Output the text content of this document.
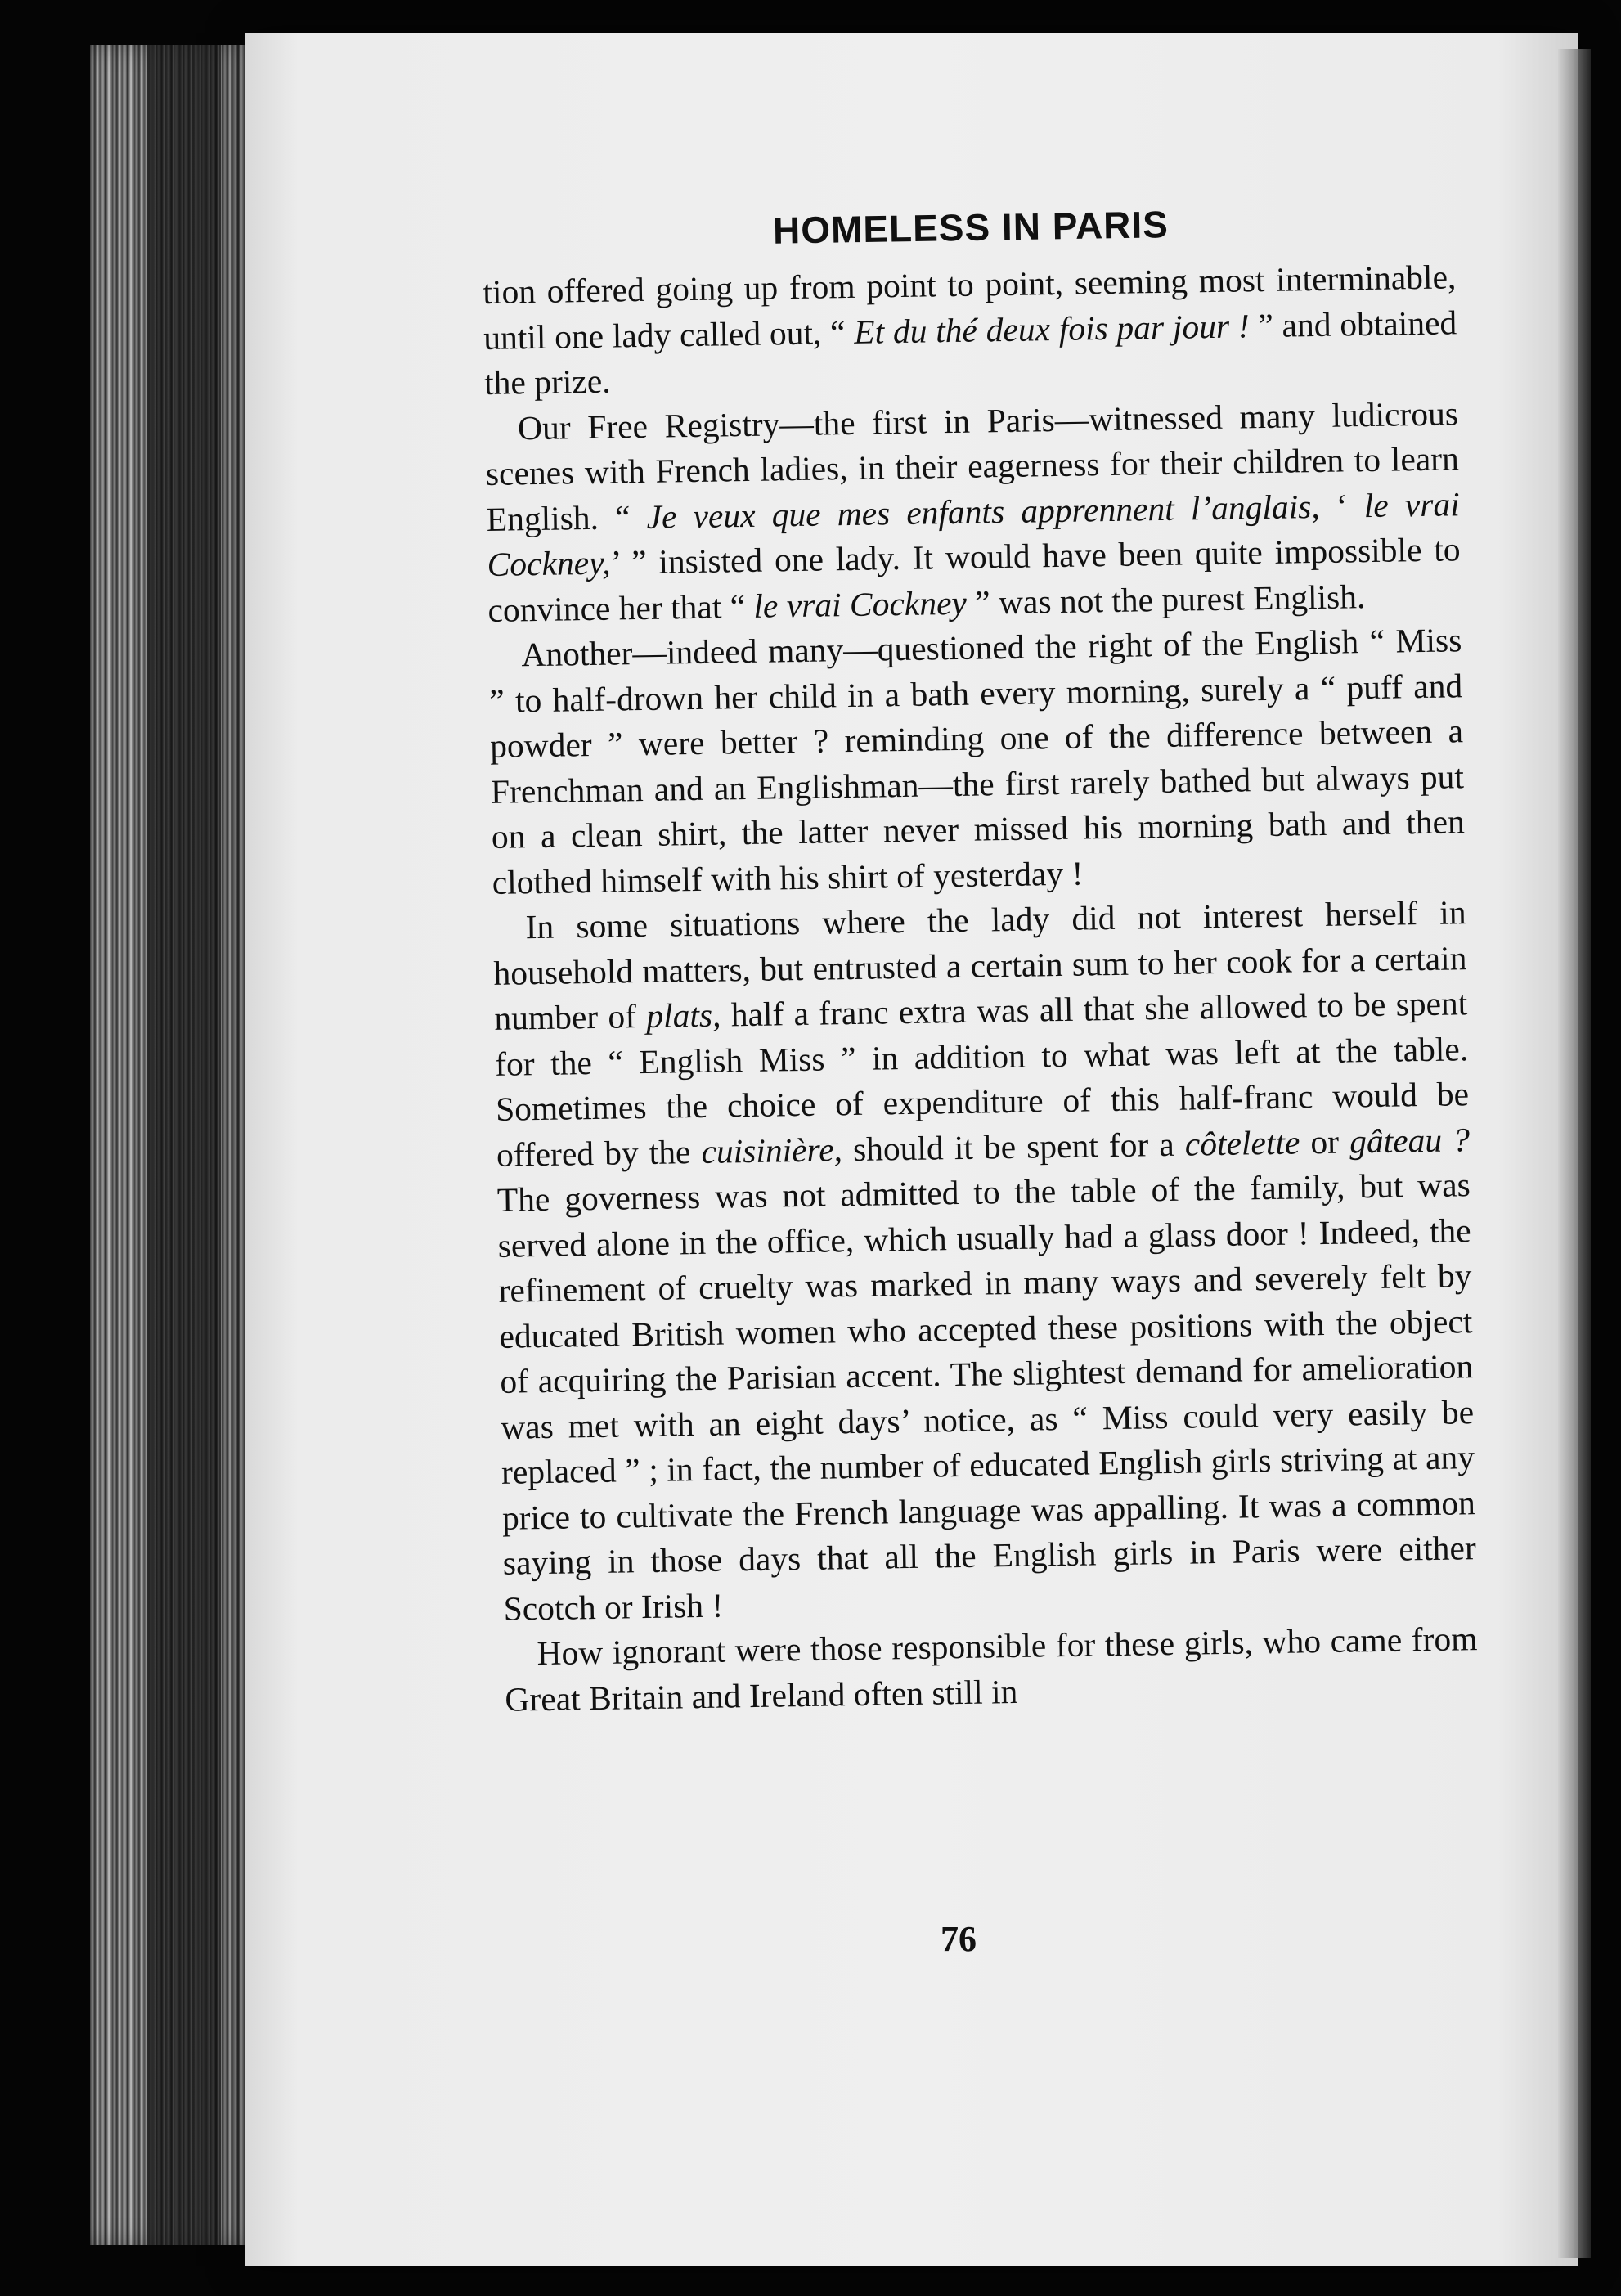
HOMELESS IN PARIS

tion offered going up from point to point, seeming most interminable, until one lady called out, “ Et du thé deux fois par jour ! ” and obtained the prize.

Our Free Registry—the first in Paris—witnessed many ludicrous scenes with French ladies, in their eagerness for their children to learn English. “ Je veux que mes enfants apprennent l’anglais, ‘ le vrai Cockney,’ ” insisted one lady. It would have been quite impossible to convince her that “ le vrai Cockney ” was not the purest English.

Another—indeed many—questioned the right of the English “ Miss ” to half-drown her child in a bath every morning, surely a “ puff and powder ” were better ? reminding one of the difference between a Frenchman and an Englishman—the first rarely bathed but always put on a clean shirt, the latter never missed his morning bath and then clothed himself with his shirt of yesterday !

In some situations where the lady did not interest herself in household matters, but entrusted a certain sum to her cook for a certain number of plats, half a franc extra was all that she allowed to be spent for the “ English Miss ” in addition to what was left at the table. Sometimes the choice of expenditure of this half-franc would be offered by the cuisinière, should it be spent for a côtelette or gâteau ? The governess was not admitted to the table of the family, but was served alone in the office, which usually had a glass door ! Indeed, the refinement of cruelty was marked in many ways and severely felt by educated British women who accepted these positions with the object of acquiring the Parisian accent. The slightest demand for amelioration was met with an eight days’ notice, as “ Miss could very easily be replaced ” ; in fact, the number of educated English girls striving at any price to cultivate the French language was appalling. It was a common saying in those days that all the English girls in Paris were either Scotch or Irish !

How ignorant were those responsible for these girls, who came from Great Britain and Ireland often still in

76
